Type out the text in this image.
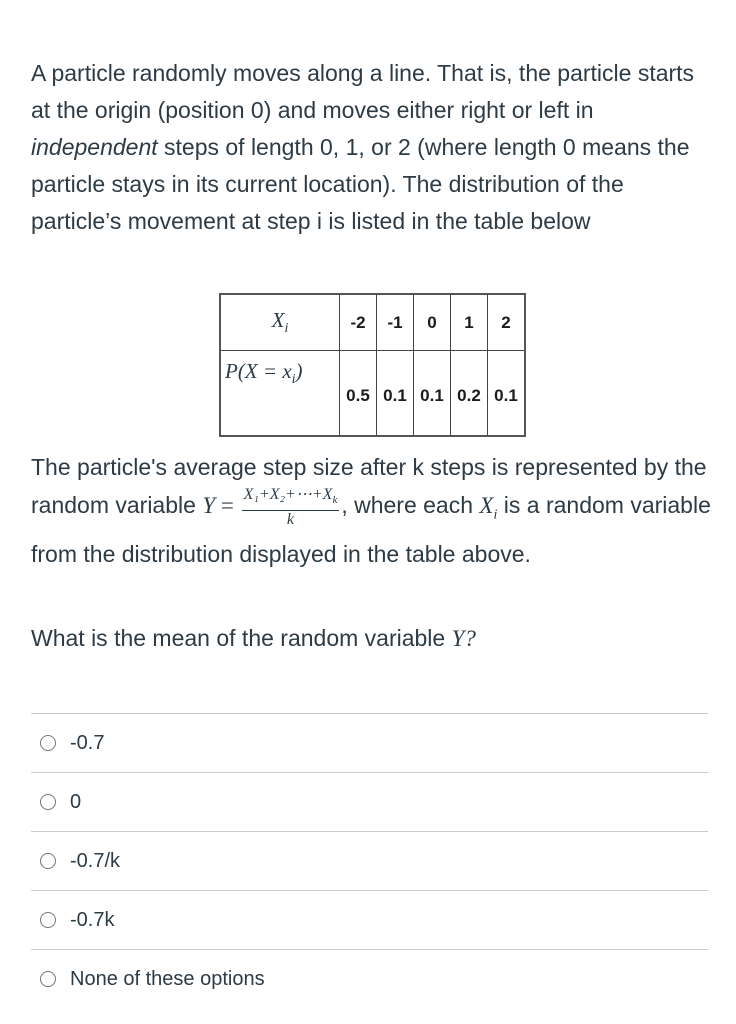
A particle randomly moves along a line. That is, the particle starts at the origin (position 0) and moves either right or left in independent steps of length 0, 1, or 2 (where length 0 means the particle stays in its current location). The distribution of the particle’s movement at step i is listed in the table below

$X_i$	-2	-1	0	1	2
$P(X = x_i)$	0.5	0.1	0.1	0.2	0.1

The particle's average step size after k steps is represented by the random variable $Y = \frac{X_1+X_2+\cdots+X_k}{k}$ , where each $X_i$ is a random variable from the distribution displayed in the table above.

What is the mean of the random variable Y?

-0.7
0
-0.7/k
-0.7k
None of these options
